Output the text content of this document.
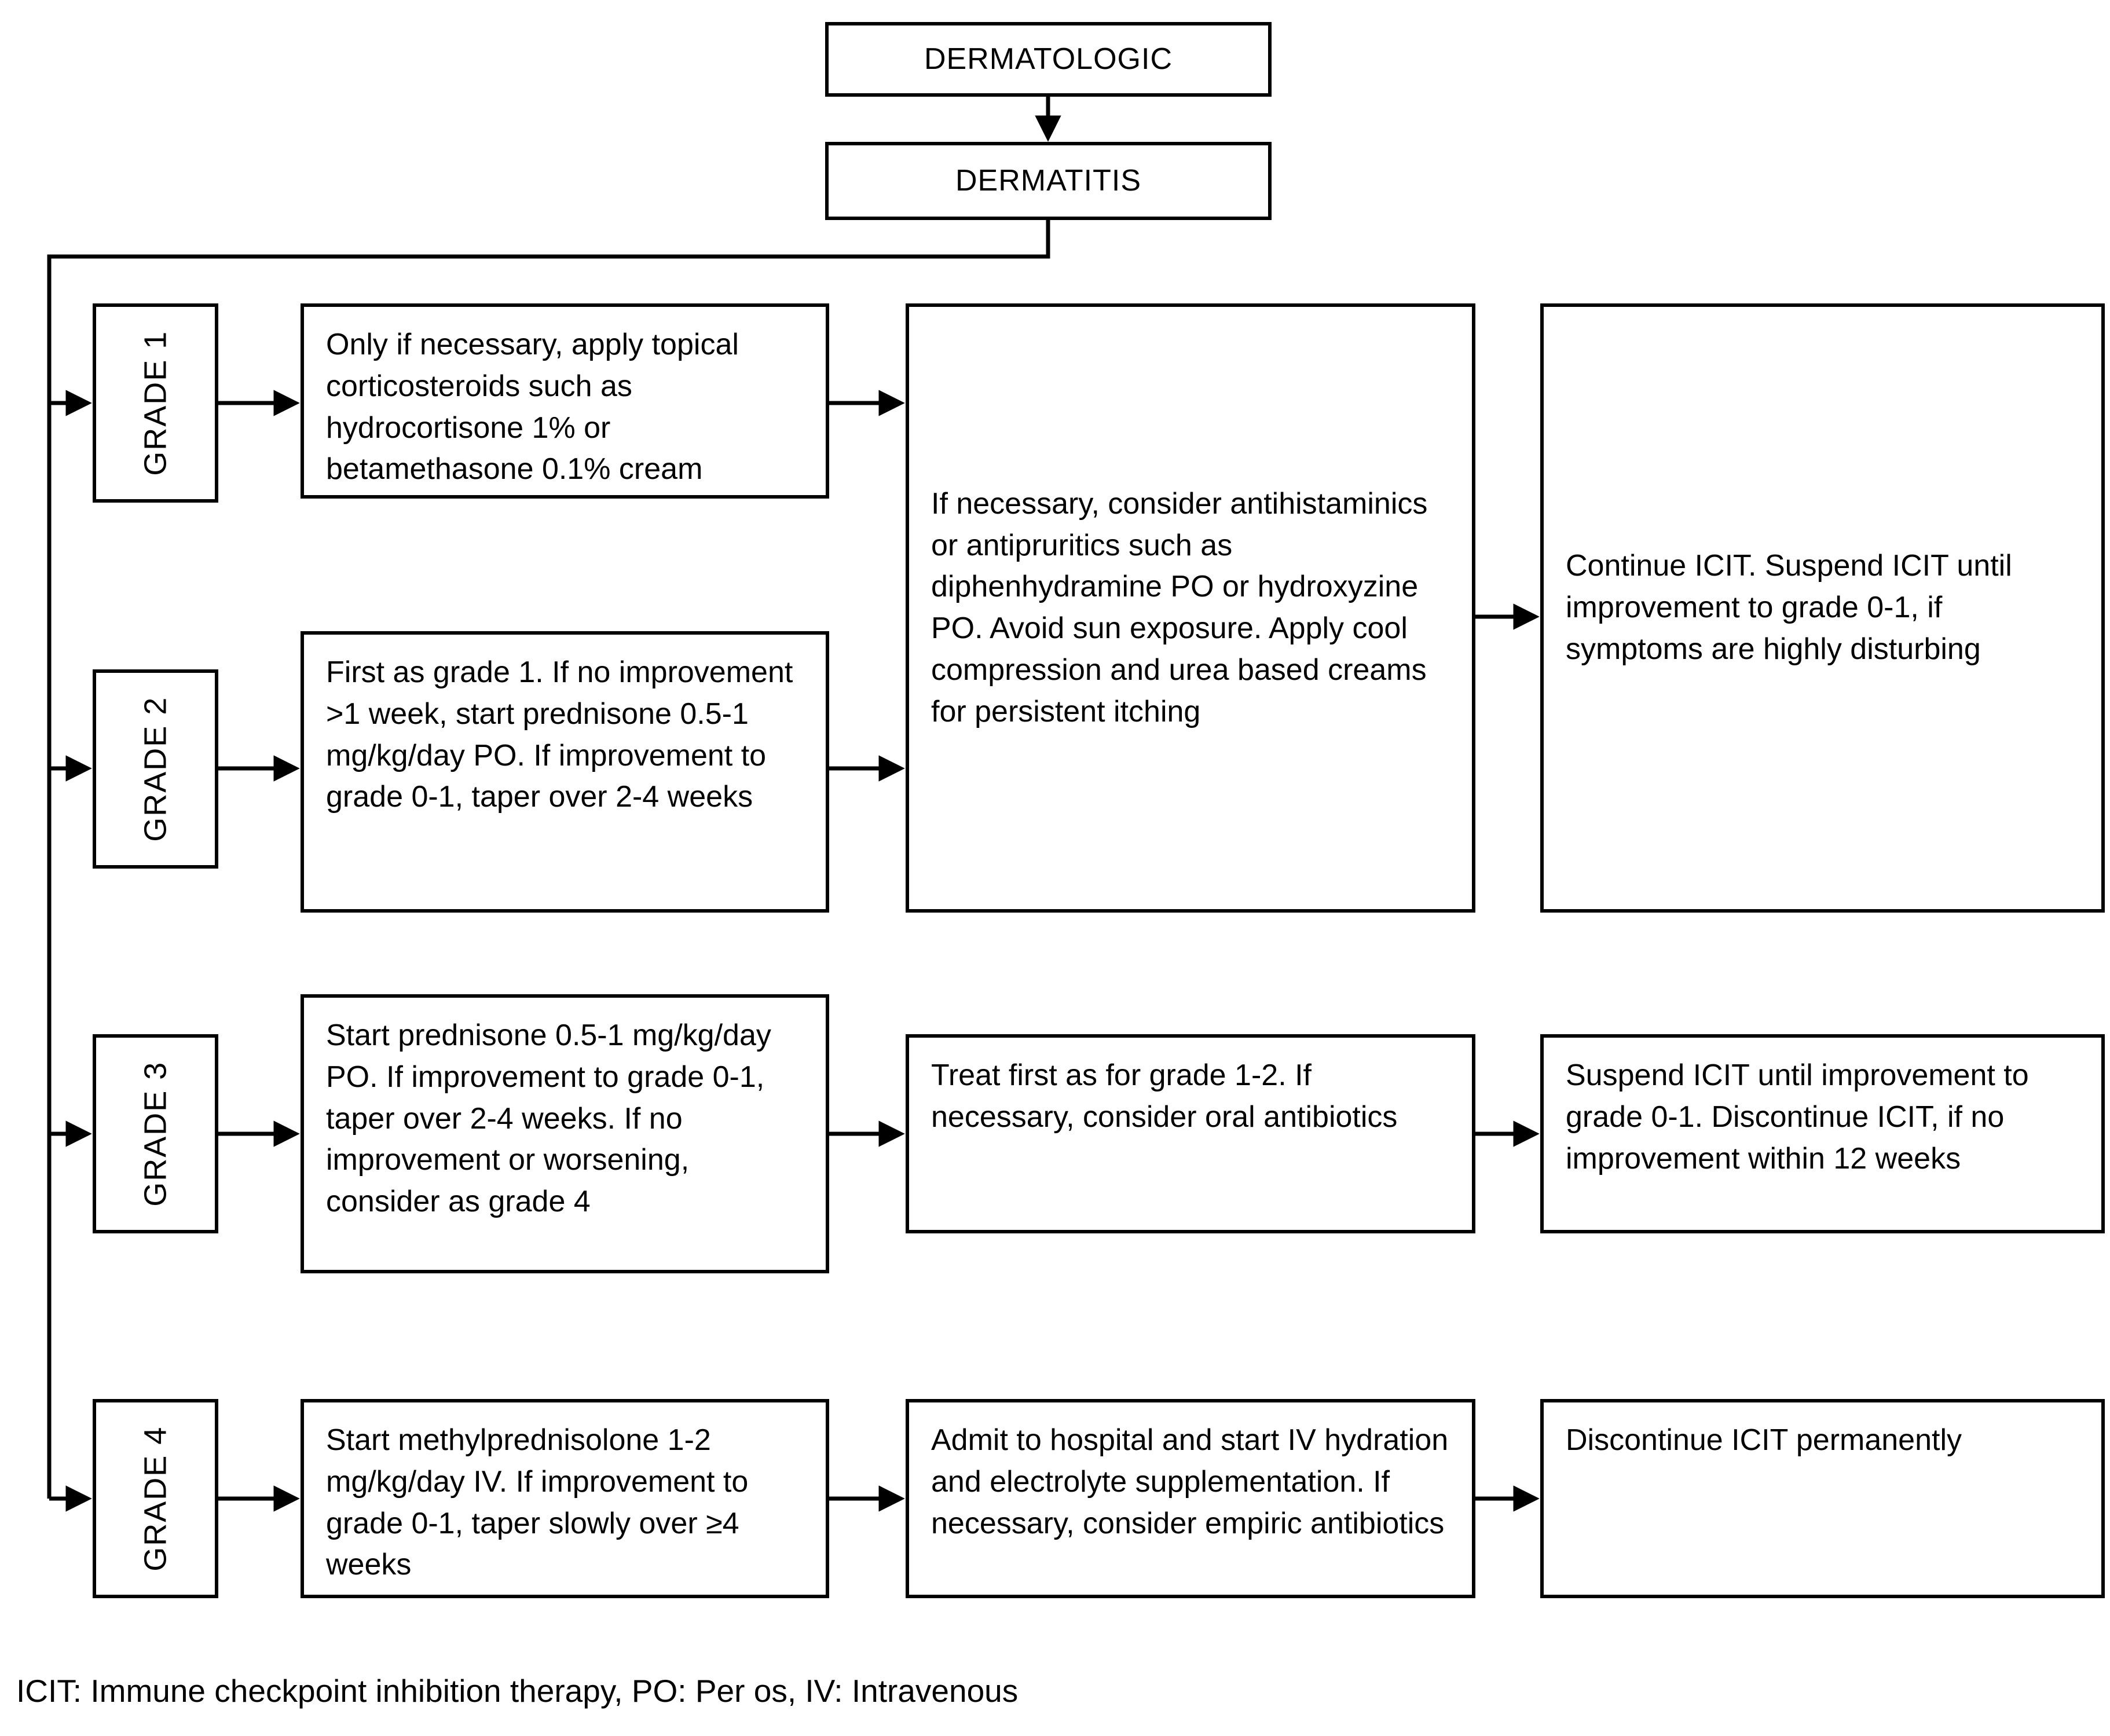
DERMATOLOGIC
DERMATITIS
GRADE 1
GRADE 2
GRADE 3
GRADE 4
Only if necessary, apply topical corticosteroids such as hydrocortisone 1% or betamethasone 0.1% cream
First as grade 1. If no improvement >1 week, start prednisone 0.5-1 mg/kg/day PO. If improvement to grade 0-1, taper over 2-4 weeks
Start prednisone 0.5-1 mg/kg/day PO. If improvement to grade 0-1, taper over 2-4 weeks. If no improvement or worsening, consider as grade 4
Start methylprednisolone 1-2 mg/kg/day IV. If improvement to grade 0-1, taper slowly over ≥4 weeks
If necessary, consider antihistaminics or antipruritics such as diphenhydramine PO or hydroxyzine PO. Avoid sun exposure. Apply cool compression and urea based creams for persistent itching
Treat first as for grade 1-2. If necessary, consider oral antibiotics
Admit to hospital and start IV hydration and electrolyte supplementation. If necessary, consider empiric antibiotics
Continue ICIT. Suspend ICIT until improvement to grade 0-1, if symptoms are highly disturbing
Suspend ICIT until improvement to grade 0-1. Discontinue ICIT, if no improvement within 12 weeks
Discontinue ICIT permanently
ICIT: Immune checkpoint inhibition therapy, PO: Per os, IV: Intravenous
